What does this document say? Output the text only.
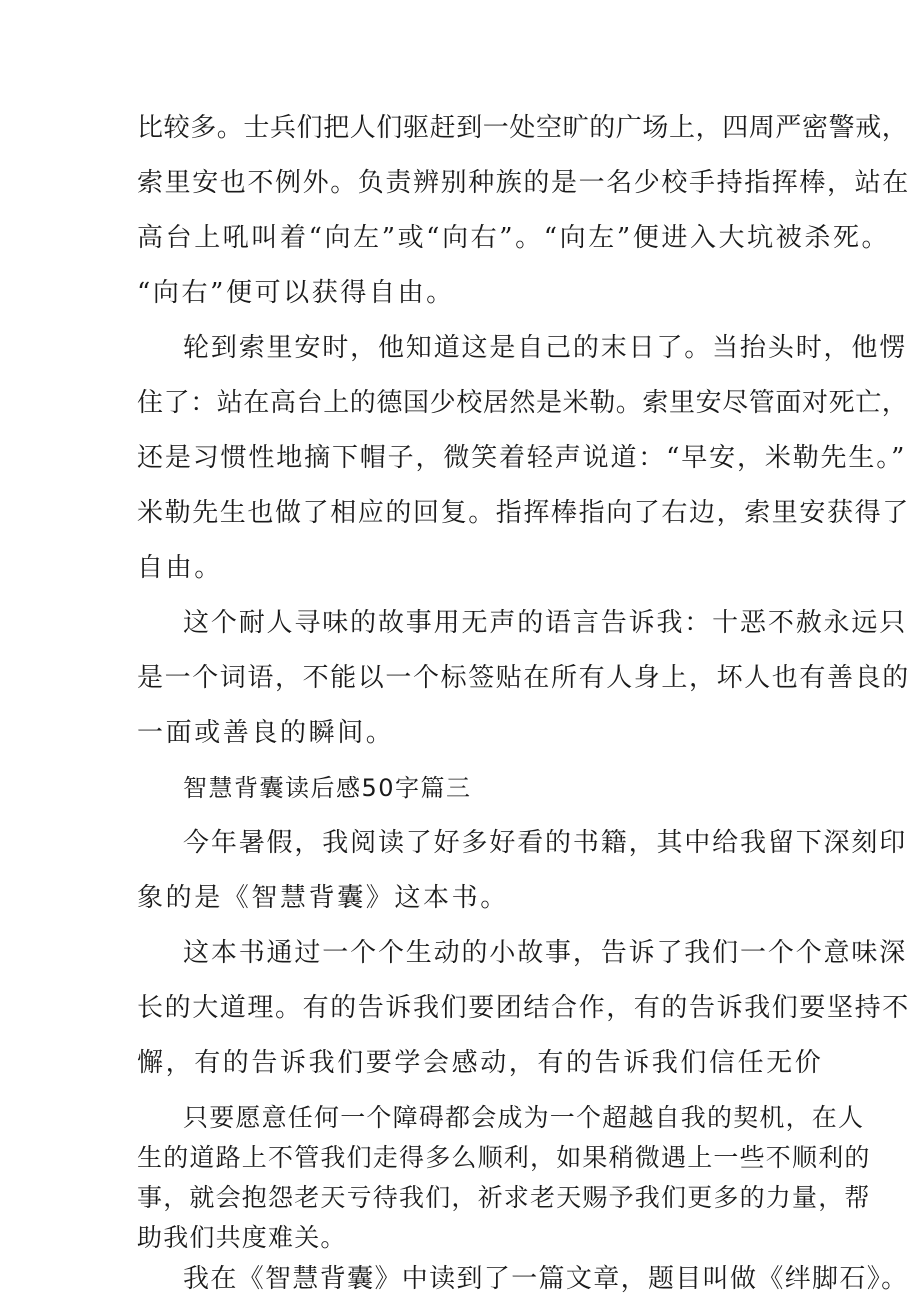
比较多。士兵们把人们驱赶到一处空旷的广场上，四周严密警戒，
索里安也不例外。负责辨别种族的是一名少校手持指挥棒，站在
高台上吼叫着“向左”或“向右”。“向左”便进入大坑被杀死。
“向右”便可以获得自由。
轮到索里安时，他知道这是自己的末日了。当抬头时，他愣
住了：站在高台上的德国少校居然是米勒。索里安尽管面对死亡，
还是习惯性地摘下帽子，微笑着轻声说道：“早安，米勒先生。”
米勒先生也做了相应的回复。指挥棒指向了右边，索里安获得了
自由。
这个耐人寻味的故事用无声的语言告诉我：十恶不赦永远只
是一个词语，不能以一个标签贴在所有人身上，坏人也有善良的
一面或善良的瞬间。
智慧背囊读后感50字篇三
今年暑假，我阅读了好多好看的书籍，其中给我留下深刻印
象的是《智慧背囊》这本书。
这本书通过一个个生动的小故事，告诉了我们一个个意味深
长的大道理。有的告诉我们要团结合作，有的告诉我们要坚持不
懈，有的告诉我们要学会感动，有的告诉我们信任无价
只要愿意任何一个障碍都会成为一个超越自我的契机，在人
生的道路上不管我们走得多么顺利，如果稍微遇上一些不顺利的
事，就会抱怨老天亏待我们，祈求老天赐予我们更多的力量，帮
助我们共度难关。
我在《智慧背囊》中读到了一篇文章，题目叫做《绊脚石》。
